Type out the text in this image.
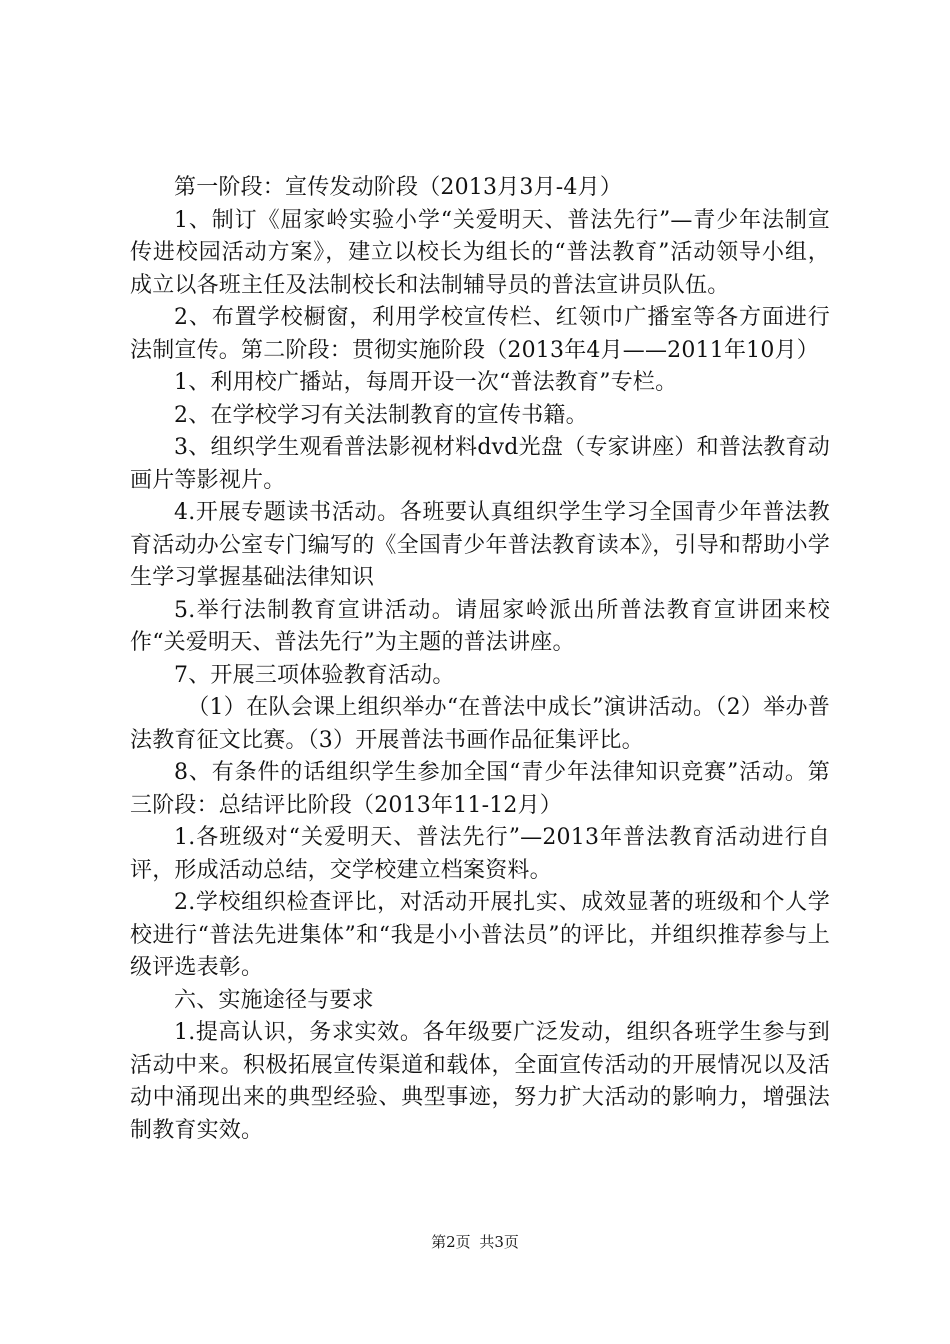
第一阶段：宣传发动阶段（2013月3月-4月）

1、制订《屈家岭实验小学“关爱明天、普法先行”—青少年法制宣传进校园活动方案》，建立以校长为组长的“普法教育”活动领导小组，成立以各班主任及法制校长和法制辅导员的普法宣讲员队伍。

2、布置学校橱窗，利用学校宣传栏、红领巾广播室等各方面进行法制宣传。第二阶段：贯彻实施阶段（2013年4月——2011年10月）

1、利用校广播站，每周开设一次“普法教育”专栏。

2、在学校学习有关法制教育的宣传书籍。

3、组织学生观看普法影视材料dvd光盘（专家讲座）和普法教育动画片等影视片。

4.开展专题读书活动。各班要认真组织学生学习全国青少年普法教育活动办公室专门编写的《全国青少年普法教育读本》，引导和帮助小学生学习掌握基础法律知识

5.举行法制教育宣讲活动。请屈家岭派出所普法教育宣讲团来校作“关爱明天、普法先行”为主题的普法讲座。

7、开展三项体验教育活动。

（1）在队会课上组织举办“在普法中成长”演讲活动。（2）举办普法教育征文比赛。（3）开展普法书画作品征集评比。

8、有条件的话组织学生参加全国“青少年法律知识竞赛”活动。第三阶段：总结评比阶段（2013年11-12月）

1.各班级对“关爱明天、普法先行”—2013年普法教育活动进行自评，形成活动总结，交学校建立档案资料。

2.学校组织检查评比，对活动开展扎实、成效显著的班级和个人学校进行“普法先进集体”和“我是小小普法员”的评比，并组织推荐参与上级评选表彰。

六、实施途径与要求

1.提高认识，务求实效。各年级要广泛发动，组织各班学生参与到活动中来。积极拓展宣传渠道和载体，全面宣传活动的开展情况以及活动中涌现出来的典型经验、典型事迹，努力扩大活动的影响力，增强法制教育实效。

第2页 共3页
